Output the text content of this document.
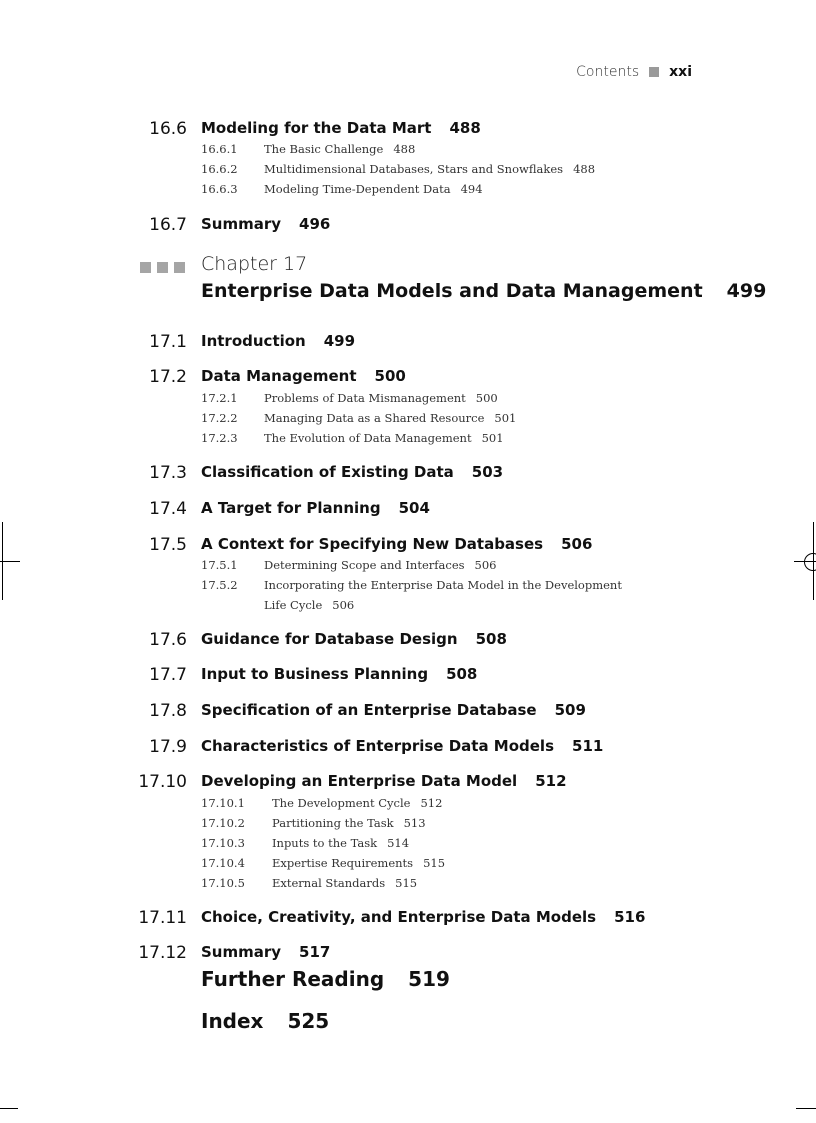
Contents xxi
16.6 Modeling for the Data Mart 488
16.6.1 The Basic Challenge 488
16.6.2 Multidimensional Databases, Stars and Snowflakes 488
16.6.3 Modeling Time-Dependent Data 494
16.7 Summary 496
Chapter 17
Enterprise Data Models and Data Management 499
17.1 Introduction 499
17.2 Data Management 500
17.2.1 Problems of Data Mismanagement 500
17.2.2 Managing Data as a Shared Resource 501
17.2.3 The Evolution of Data Management 501
17.3 Classification of Existing Data 503
17.4 A Target for Planning 504
17.5 A Context for Specifying New Databases 506
17.5.1 Determining Scope and Interfaces 506
17.5.2 Incorporating the Enterprise Data Model in the Development
Life Cycle 506
17.6 Guidance for Database Design 508
17.7 Input to Business Planning 508
17.8 Specification of an Enterprise Database 509
17.9 Characteristics of Enterprise Data Models 511
17.10 Developing an Enterprise Data Model 512
17.10.1 The Development Cycle 512
17.10.2 Partitioning the Task 513
17.10.3 Inputs to the Task 514
17.10.4 Expertise Requirements 515
17.10.5 External Standards 515
17.11 Choice, Creativity, and Enterprise Data Models 516
17.12 Summary 517
Further Reading 519
Index 525
